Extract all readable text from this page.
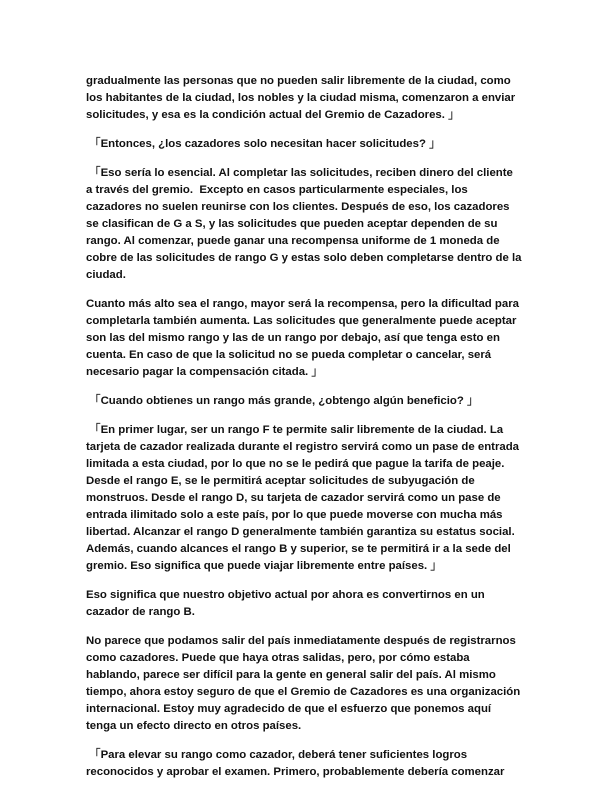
gradualmente las personas que no pueden salir libremente de la ciudad, como los habitantes de la ciudad, los nobles y la ciudad misma, comenzaron a enviar solicitudes, y esa es la condición actual del Gremio de Cazadores. 」

「Entonces, ¿los cazadores solo necesitan hacer solicitudes? 」

「Eso sería lo esencial. Al completar las solicitudes, reciben dinero del cliente a través del gremio.  Excepto en casos particularmente especiales, los cazadores no suelen reunirse con los clientes. Después de eso, los cazadores se clasifican de G a S, y las solicitudes que pueden aceptar dependen de su rango. Al comenzar, puede ganar una recompensa uniforme de 1 moneda de cobre de las solicitudes de rango G y estas solo deben completarse dentro de la ciudad.

Cuanto más alto sea el rango, mayor será la recompensa, pero la dificultad para completarla también aumenta. Las solicitudes que generalmente puede aceptar son las del mismo rango y las de un rango por debajo, así que tenga esto en cuenta. En caso de que la solicitud no se pueda completar o cancelar, será necesario pagar la compensación citada. 」

「Cuando obtienes un rango más grande, ¿obtengo algún beneficio? 」

「En primer lugar, ser un rango F te permite salir libremente de la ciudad. La tarjeta de cazador realizada durante el registro servirá como un pase de entrada limitada a esta ciudad, por lo que no se le pedirá que pague la tarifa de peaje. Desde el rango E, se le permitirá aceptar solicitudes de subyugación de monstruos. Desde el rango D, su tarjeta de cazador servirá como un pase de entrada ilimitado solo a este país, por lo que puede moverse con mucha más libertad. Alcanzar el rango D generalmente también garantiza su estatus social. Además, cuando alcances el rango B y superior, se te permitirá ir a la sede del gremio. Eso significa que puede viajar libremente entre países. 」

Eso significa que nuestro objetivo actual por ahora es convertirnos en un cazador de rango B.

No parece que podamos salir del país inmediatamente después de registrarnos como cazadores. Puede que haya otras salidas, pero, por cómo estaba hablando, parece ser difícil para la gente en general salir del país. Al mismo tiempo, ahora estoy seguro de que el Gremio de Cazadores es una organización internacional. Estoy muy agradecido de que el esfuerzo que ponemos aquí tenga un efecto directo en otros países.

「Para elevar su rango como cazador, deberá tener suficientes logros reconocidos y aprobar el examen. Primero, probablemente debería comenzar
